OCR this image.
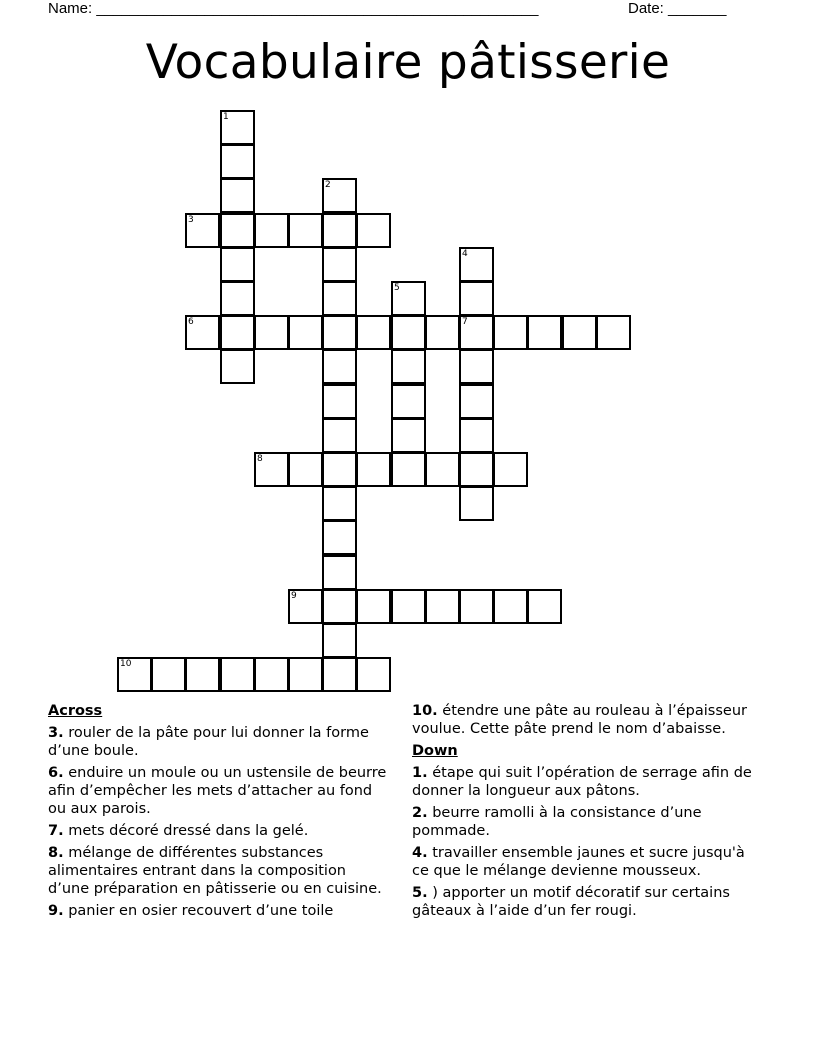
Name: _____________________________________________________	Date: _______
Vocabulaire pâtisserie
1
2
3
4
7
5
6
8
9
10
Across
3. rouler de la pâte pour lui donner la forme d’une boule.
6. enduire un moule ou un ustensile de beurre afin d’empêcher les mets d’attacher au fond ou aux parois.
7. mets décoré dressé dans la gelé.
8. mélange de différentes substances alimentaires entrant dans la composition d’une préparation en pâtisserie ou en cuisine.
9. panier en osier recouvert d’une toile
10. étendre une pâte au rouleau à l’épaisseur voulue. Cette pâte prend le nom d’abaisse.
Down
1. étape qui suit l’opération de serrage afin de donner la longueur aux pâtons.
2. beurre ramolli à la consistance d’une pommade.
4. travailler ensemble jaunes et sucre jusqu'à ce que le mélange devienne mousseux.
5. ) apporter un motif décoratif sur certains gâteaux à l’aide d’un fer rougi.
